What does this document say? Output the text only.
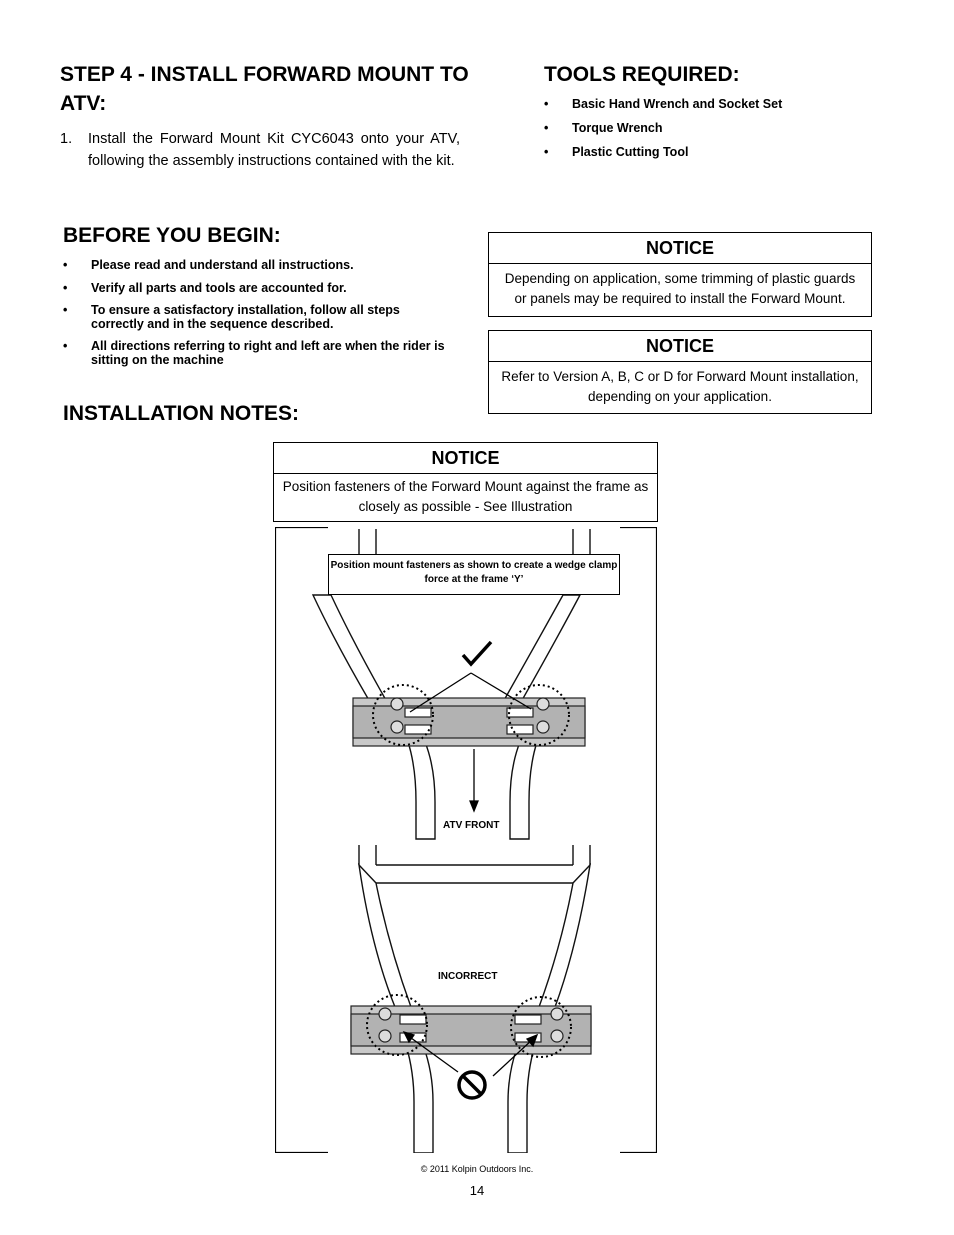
STEP 4 - INSTALL FORWARD MOUNT TO ATV:
1.	Install the Forward Mount Kit CYC6043 onto your ATV, following the assembly instructions contained with the kit.
TOOLS REQUIRED:
• Basic Hand Wrench and Socket Set
• Torque Wrench
• Plastic Cutting Tool
BEFORE YOU BEGIN:
• Please read and understand all instructions.
• Verify all parts and tools are accounted for.
• To ensure a satisfactory installation, follow all steps correctly and in the sequence described.
• All directions referring to right and left are when the rider is sitting on the machine
INSTALLATION NOTES:
NOTICE
Depending on application, some trimming of plastic guards or panels may be required to install the Forward Mount.
NOTICE
Refer to Version A, B, C or D for Forward Mount installation, depending on your application.
NOTICE
Position fasteners of the Forward Mount against the frame as closely as possible - See Illustration
Position mount fasteners as shown to create a wedge clamp force at the frame ‘Y’
ATV FRONT
INCORRECT
© 2011 Kolpin Outdoors Inc.
14
